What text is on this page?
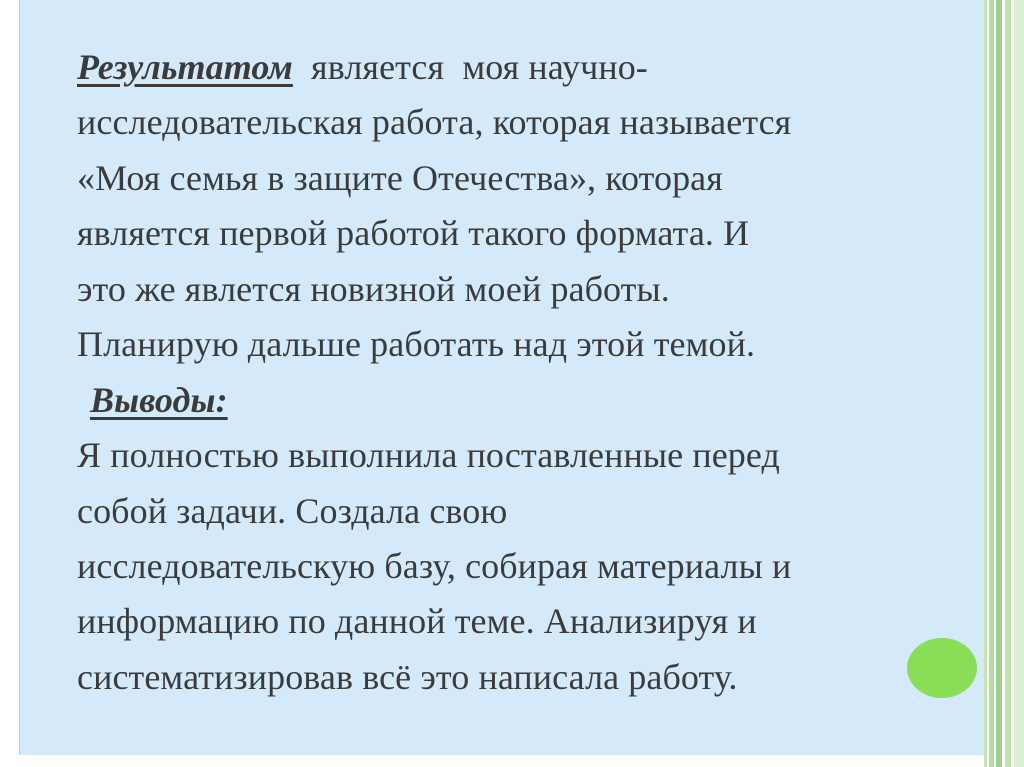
Результатом  является  моя научно-
исследовательская работа, которая называется
«Моя семья в защите Отечества», которая
является первой работой такого формата. И
это же явлется новизной моей работы.
Планирую дальше работать над этой темой.
Выводы:
Я полностью выполнила поставленные перед
собой задачи. Создала свою
исследовательскую базу, собирая материалы и
информацию по данной теме. Анализируя и
систематизировав всё это написала работу.
